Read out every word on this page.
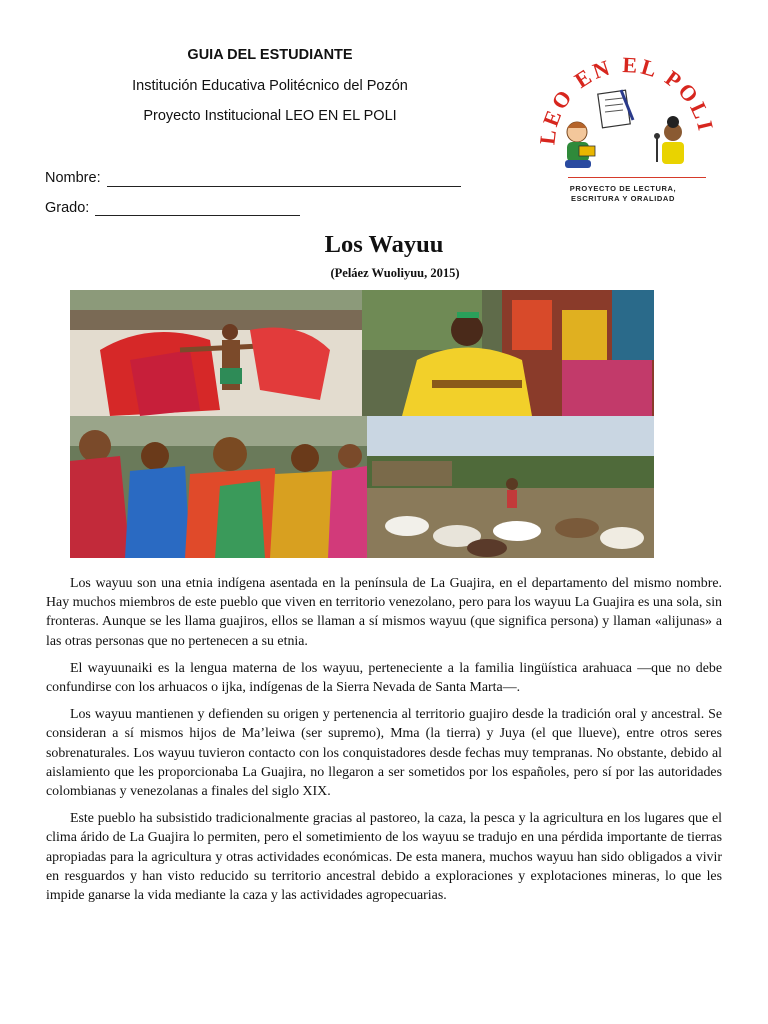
GUIA DEL ESTUDIANTE
Institución Educativa Politécnico del Pozón
Proyecto Institucional LEO EN EL POLI
Nombre:
Grado:
LEO EN EL POL
PROYECTO DE LECTURA,
ESCRITURA Y ORALIDAD
Los Wayuu
(Peláez Wuoliyuu, 2015)

Los wayuu son una etnia indígena asentada en la península de La Guajira, en el departamento del mismo nombre. Hay muchos miembros de este pueblo que viven en territorio venezolano, pero para los wayuu La Guajira es una sola, sin fronteras. Aunque se les llama guajiros, ellos se llaman a sí mismos wayuu (que significa persona) y llaman «alijunas» a las otras personas que no pertenecen a su etnia.

El wayuunaiki es la lengua materna de los wayuu, perteneciente a la familia lingüística arahuaca —que no debe confundirse con los arhuacos o ijka, indígenas de la Sierra Nevada de Santa Marta—.

Los wayuu mantienen y defienden su origen y pertenencia al territorio guajiro desde la tradición oral y ancestral. Se consideran a sí mismos hijos de Ma’leiwa (ser supremo), Mma (la tierra) y Juya (el que llueve), entre otros seres sobrenaturales. Los wayuu tuvieron contacto con los conquistadores desde fechas muy tempranas. No obstante, debido al aislamiento que les proporcionaba La Guajira, no llegaron a ser sometidos por los españoles, pero sí por las autoridades colombianas y venezolanas a finales del siglo XIX.

Este pueblo ha subsistido tradicionalmente gracias al pastoreo, la caza, la pesca y la agricultura en los lugares que el clima árido de La Guajira lo permiten, pero el sometimiento de los wayuu se tradujo en una pérdida importante de tierras apropiadas para la agricultura y otras actividades económicas. De esta manera, muchos wayuu han sido obligados a vivir en resguardos y han visto reducido su territorio ancestral debido a exploraciones y explotaciones mineras, lo que les impide ganarse la vida mediante la caza y las actividades agropecuarias.
